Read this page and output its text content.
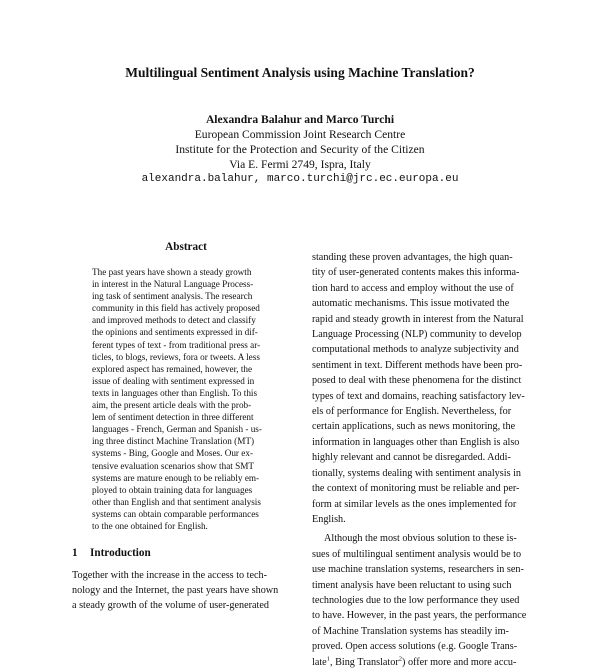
Multilingual Sentiment Analysis using Machine Translation?
Alexandra Balahur and Marco Turchi
European Commission Joint Research Centre
Institute for the Protection and Security of the Citizen
Via E. Fermi 2749, Ispra, Italy
alexandra.balahur, marco.turchi@jrc.ec.europa.eu
Abstract
The past years have shown a steady growth
in interest in the Natural Language Process-
ing task of sentiment analysis. The research
community in this field has actively proposed
and improved methods to detect and classify
the opinions and sentiments expressed in dif-
ferent types of text - from traditional press ar-
ticles, to blogs, reviews, fora or tweets. A less
explored aspect has remained, however, the
issue of dealing with sentiment expressed in
texts in languages other than English. To this
aim, the present article deals with the prob-
lem of sentiment detection in three different
languages - French, German and Spanish - us-
ing three distinct Machine Translation (MT)
systems - Bing, Google and Moses. Our ex-
tensive evaluation scenarios show that SMT
systems are mature enough to be reliably em-
ployed to obtain training data for languages
other than English and that sentiment analysis
systems can obtain comparable performances
to the one obtained for English.
1 Introduction
Together with the increase in the access to tech-
nology and the Internet, the past years have shown
a steady growth of the volume of user-generated
standing these proven advantages, the high quan-
tity of user-generated contents makes this informa-
tion hard to access and employ without the use of
automatic mechanisms. This issue motivated the
rapid and steady growth in interest from the Natural
Language Processing (NLP) community to develop
computational methods to analyze subjectivity and
sentiment in text. Different methods have been pro-
posed to deal with these phenomena for the distinct
types of text and domains, reaching satisfactory lev-
els of performance for English. Nevertheless, for
certain applications, such as news monitoring, the
information in languages other than English is also
highly relevant and cannot be disregarded. Addi-
tionally, systems dealing with sentiment analysis in
the context of monitoring must be reliable and per-
form at similar levels as the ones implemented for
English.
Although the most obvious solution to these is-
sues of multilingual sentiment analysis would be to
use machine translation systems, researchers in sen-
timent analysis have been reluctant to using such
technologies due to the low performance they used
to have. However, in the past years, the performance
of Machine Translation systems has steadily im-
proved. Open access solutions (e.g. Google Trans-
late$^1$, Bing Translator$^2$) offer more and more accu-
